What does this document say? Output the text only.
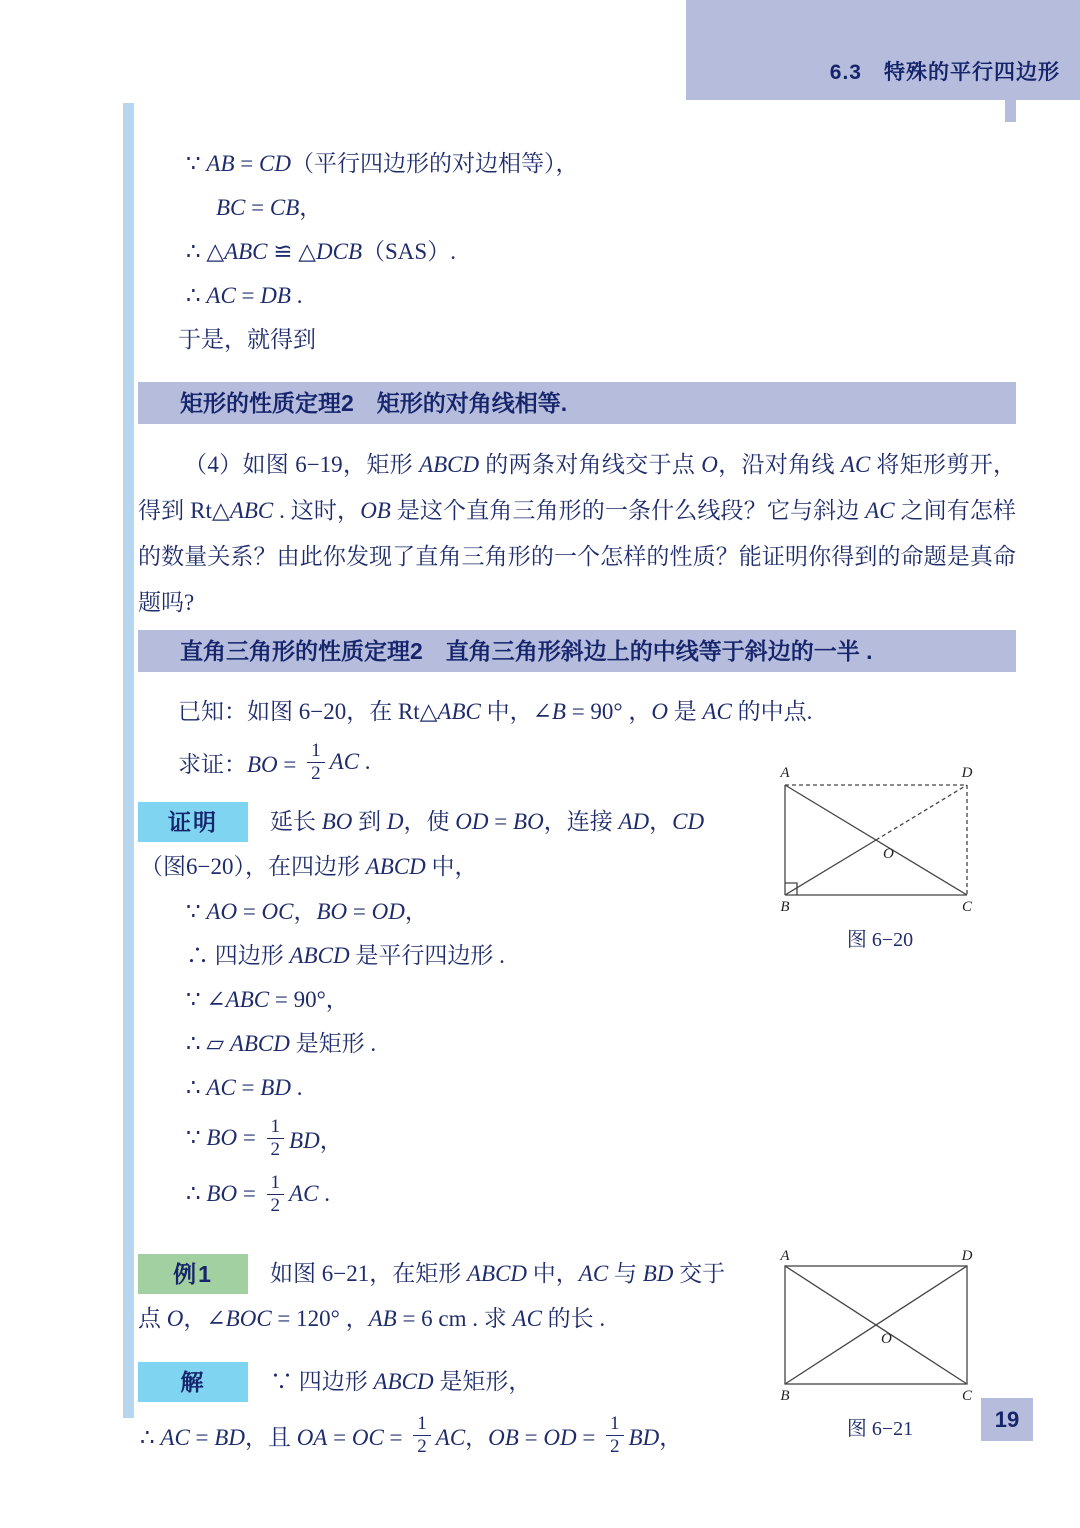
6.3　特殊的平行四边形
∵ AB = CD（平行四边形的对边相等），
BC = CB，
∴ △ABC ≌ △DCB（SAS）.
∴ AC = DB .
于是，就得到
矩形的性质定理2　矩形的对角线相等.

（4）如图 6−19，矩形 ABCD 的两条对角线交于点 O，沿对角线 AC 将矩形剪开，得到 Rt△ABC . 这时，OB 是这个直角三角形的一条什么线段？它与斜边 AC 之间有怎样的数量关系？由此你发现了直角三角形的一个怎样的性质？能证明你得到的命题是真命题吗?

直角三角形的性质定理2　直角三角形斜边上的中线等于斜边的一半 .
已知：如图 6−20，在 Rt△ABC 中，∠B = 90° ，O 是 AC 的中点.
求证：BO = $\frac{1}{2}$ AC .
证明	延长 BO 到 D，使 OD = BO，连接 AD，CD
（图6−20），在四边形 ABCD 中，
∵ AO = OC，BO = OD，
∴ 四边形 ABCD 是平行四边形 .
∵ ∠ABC = 90°，
∴ ▱ ABCD 是矩形 .
∴ AC = BD .
∵ BO = $\frac{1}{2}$ BD，
∴ BO = $\frac{1}{2}$ AC .
例1	如图 6−21，在矩形 ABCD 中，AC 与 BD 交于
点 O，∠BOC = 120° ，AB = 6 cm . 求 AC 的长 .
解	∵ 四边形 ABCD 是矩形，
∴ AC = BD，且 OA = OC = $\frac{1}{2}$ AC，OB = OD = $\frac{1}{2}$ BD，
A	D
B	C
O
图 6−20
A	D
B	C
O
图 6−21	19
